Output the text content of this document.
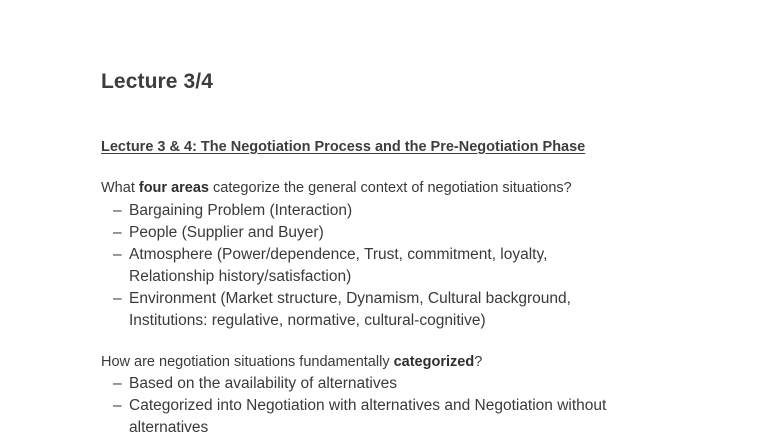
Lecture 3/4
Lecture 3 & 4: The Negotiation Process and the Pre-Negotiation Phase

What four areas categorize the general context of negotiation situations?

– Bargaining Problem (Interaction)
– People (Supplier and Buyer)
– Atmosphere (Power/dependence, Trust, commitment, loyalty,
Relationship history/satisfaction)
– Environment (Market structure, Dynamism, Cultural background,
Institutions: regulative, normative, cultural-cognitive)

How are negotiation situations fundamentally categorized?

– Based on the availability of alternatives
– Categorized into Negotiation with alternatives and Negotiation without
alternatives
